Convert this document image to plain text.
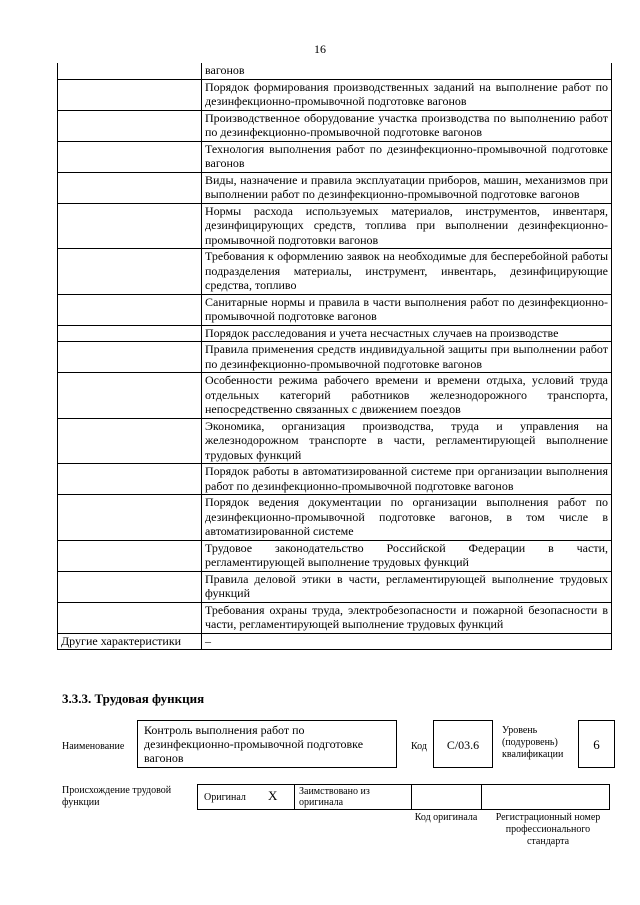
16
	вагонов
	Порядок формирования производственных заданий на выполнение работ по дезинфекционно-промывочной подготовке вагонов
	Производственное оборудование участка производства по выполнению работ по дезинфекционно-промывочной подготовке вагонов
	Технология выполнения работ по дезинфекционно-промывочной подготовке вагонов
	Виды, назначение и правила эксплуатации приборов, машин, механизмов при выполнении работ по дезинфекционно-промывочной подготовке вагонов
	Нормы расхода используемых материалов, инструментов, инвентаря, дезинфицирующих средств, топлива при выполнении дезинфекционно-промывочной подготовки вагонов
	Требования к оформлению заявок на необходимые для бесперебойной работы подразделения материалы, инструмент, инвентарь, дезинфицирующие средства, топливо
	Санитарные нормы и правила в части выполнения работ по дезинфекционно-промывочной подготовке вагонов
	Порядок расследования и учета несчастных случаев на производстве
	Правила применения средств индивидуальной защиты при выполнении работ по дезинфекционно-промывочной подготовке вагонов
	Особенности режима рабочего времени и времени отдыха, условий труда отдельных категорий работников железнодорожного транспорта, непосредственно связанных с движением поездов
	Экономика, организация производства, труда и управления на железнодорожном транспорте в части, регламентирующей выполнение трудовых функций
	Порядок работы в автоматизированной системе при организации выполнения работ по дезинфекционно-промывочной подготовке вагонов
	Порядок ведения документации по организации выполнения работ по дезинфекционно-промывочной подготовке вагонов, в том числе в автоматизированной системе
	Трудовое законодательство Российской Федерации в части, регламентирующей выполнение трудовых функций
	Правила деловой этики в части, регламентирующей выполнение трудовых функций
	Требования охраны труда, электробезопасности и пожарной безопасности в части, регламентирующей выполнение трудовых функций
Другие характеристики	–
3.3.3. Трудовая функция
Наименование
Контроль выполнения работ по дезинфекционно-промывочной подготовке вагонов
Код	C/03.6
Уровень (подуровень) квалификации
6
Происхождение трудовой функции	Оригинал X	Заимствовано из оригинала
Код оригинала	Регистрационный номер профессионального стандарта
